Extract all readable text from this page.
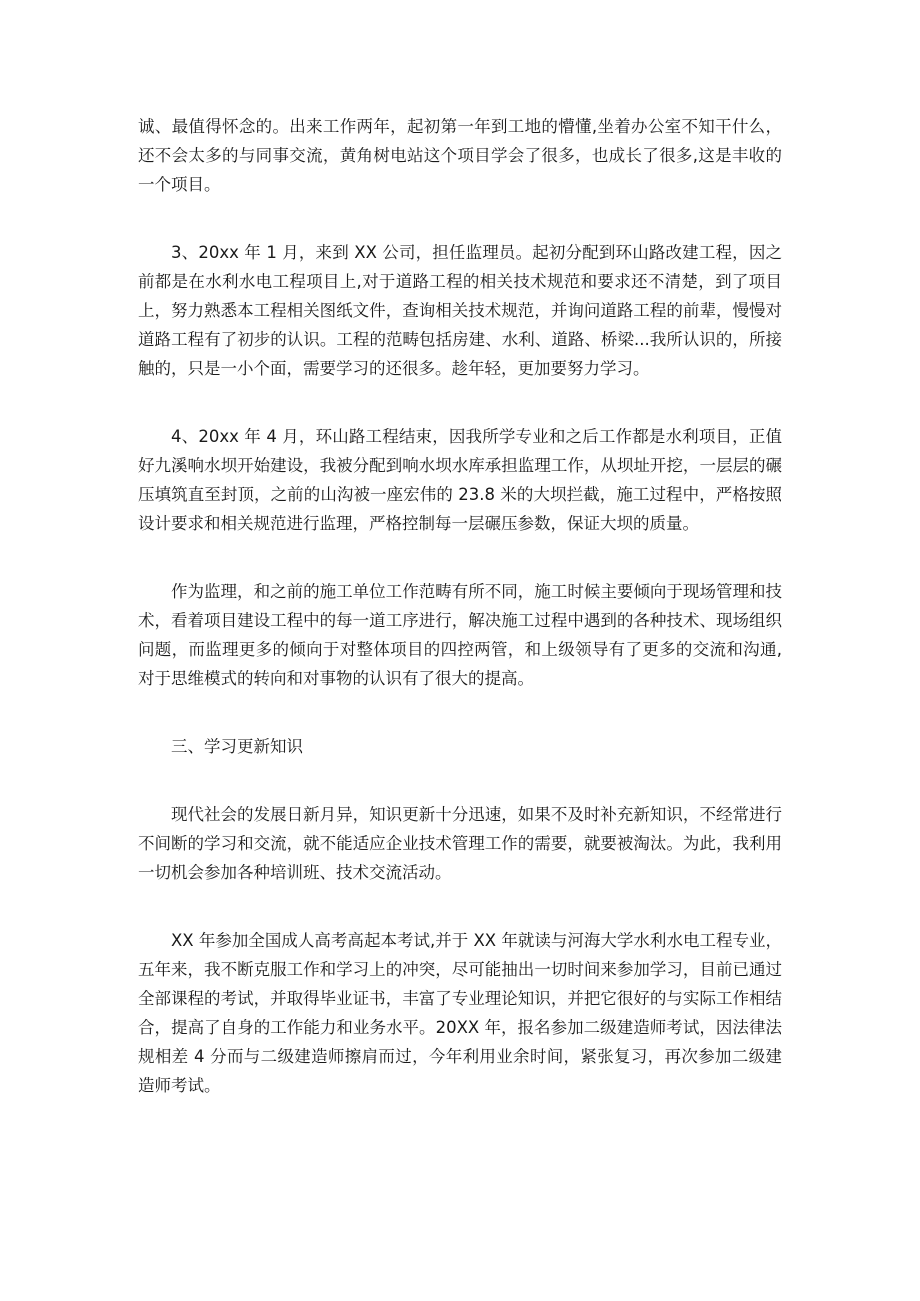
诚、最值得怀念的。出来工作两年，起初第一年到工地的懵懂,坐着办公室不知干什么，还不会太多的与同事交流，黄角树电站这个项目学会了很多，也成长了很多,这是丰收的一个项目。

3、20xx 年 1 月，来到 XX 公司，担任监理员。起初分配到环山路改建工程，因之前都是在水利水电工程项目上,对于道路工程的相关技术规范和要求还不清楚，到了项目上，努力熟悉本工程相关图纸文件，查询相关技术规范，并询问道路工程的前辈，慢慢对道路工程有了初步的认识。工程的范畴包括房建、水利、道路、桥梁...我所认识的，所接触的，只是一小个面，需要学习的还很多。趁年轻，更加要努力学习。

4、20xx 年 4 月，环山路工程结束，因我所学专业和之后工作都是水利项目，正值好九溪响水坝开始建设，我被分配到响水坝水库承担监理工作，从坝址开挖，一层层的碾压填筑直至封顶，之前的山沟被一座宏伟的 23.8 米的大坝拦截，施工过程中，严格按照设计要求和相关规范进行监理，严格控制每一层碾压参数，保证大坝的质量。

作为监理，和之前的施工单位工作范畴有所不同，施工时候主要倾向于现场管理和技术，看着项目建设工程中的每一道工序进行，解决施工过程中遇到的各种技术、现场组织问题，而监理更多的倾向于对整体项目的四控两管，和上级领导有了更多的交流和沟通,对于思维模式的转向和对事物的认识有了很大的提高。

三、学习更新知识

现代社会的发展日新月异，知识更新十分迅速，如果不及时补充新知识，不经常进行不间断的学习和交流，就不能适应企业技术管理工作的需要，就要被淘汰。为此，我利用一切机会参加各种培训班、技术交流活动。

XX 年参加全国成人高考高起本考试,并于 XX 年就读与河海大学水利水电工程专业，五年来，我不断克服工作和学习上的冲突，尽可能抽出一切时间来参加学习，目前已通过全部课程的考试，并取得毕业证书，丰富了专业理论知识，并把它很好的与实际工作相结合，提高了自身的工作能力和业务水平。20XX 年，报名参加二级建造师考试，因法律法规相差 4 分而与二级建造师擦肩而过，今年利用业余时间，紧张复习，再次参加二级建造师考试。
